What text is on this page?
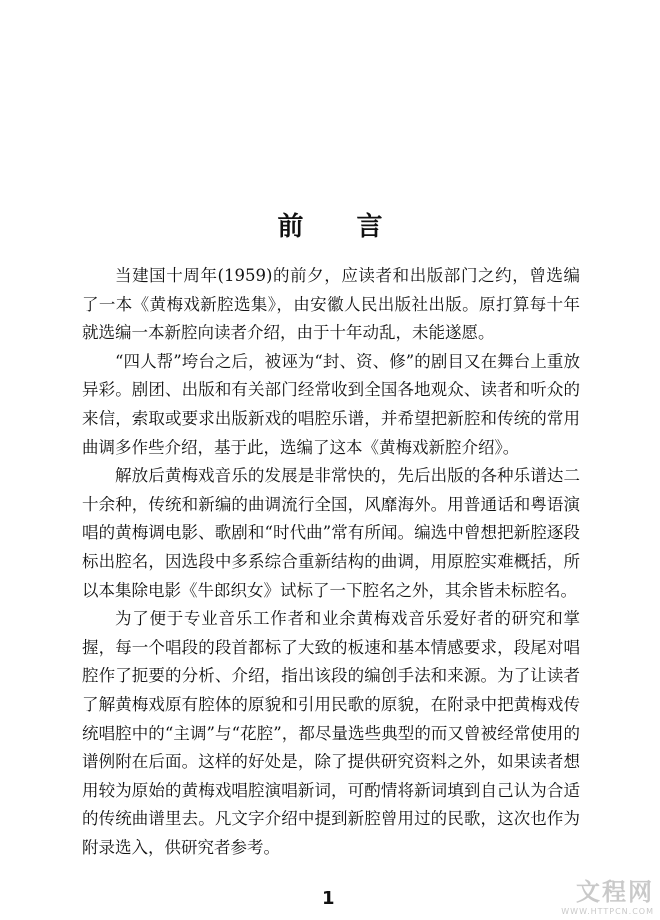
前 言

当建国十周年(1959)的前夕，应读者和出版部门之约，曾选编了一本《黄梅戏新腔选集》，由安徽人民出版社出版。原打算每十年就选编一本新腔向读者介绍，由于十年动乱，未能遂愿。

“四人帮”垮台之后，被诬为“封、资、修”的剧目又在舞台上重放异彩。剧团、出版和有关部门经常收到全国各地观众、读者和听众的来信，索取或要求出版新戏的唱腔乐谱，并希望把新腔和传统的常用曲调多作些介绍，基于此，选编了这本《黄梅戏新腔介绍》。

解放后黄梅戏音乐的发展是非常快的，先后出版的各种乐谱达二十余种，传统和新编的曲调流行全国，风靡海外。用普通话和粤语演唱的黄梅调电影、歌剧和“时代曲”常有所闻。编选中曾想把新腔逐段标出腔名，因选段中多系综合重新结构的曲调，用原腔实难概括，所以本集除电影《牛郎织女》试标了一下腔名之外，其余皆未标腔名。

为了便于专业音乐工作者和业余黄梅戏音乐爱好者的研究和掌握，每一个唱段的段首都标了大致的板速和基本情感要求，段尾对唱腔作了扼要的分析、介绍，指出该段的编创手法和来源。为了让读者了解黄梅戏原有腔体的原貌和引用民歌的原貌，在附录中把黄梅戏传统唱腔中的“主调”与“花腔”，都尽量选些典型的而又曾被经常使用的谱例附在后面。这样的好处是，除了提供研究资料之外，如果读者想用较为原始的黄梅戏唱腔演唱新词，可酌情将新词填到自己认为合适的传统曲谱里去。凡文字介绍中提到新腔曾用过的民歌，这次也作为附录选入，供研究者参考。

1	文程网
WWW.HTTPCN.COM
